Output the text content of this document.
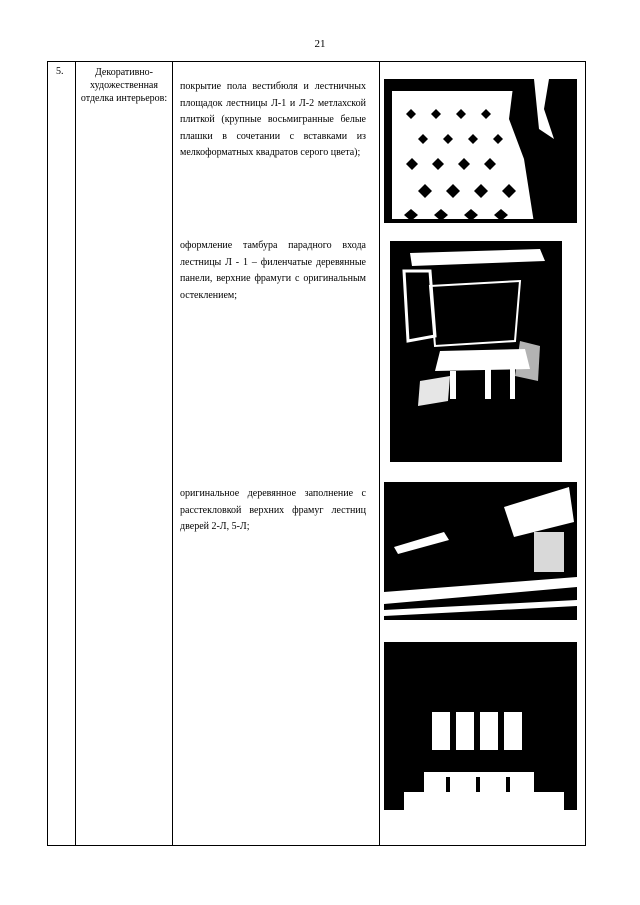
21
5.	Декоративно-художественная отделка интерьеров:
покрытие пола вестибюля и лестничных площадок лестницы Л-1 и Л-2 метлахской плиткой (крупные восьмигранные белые плашки в сочетании с вставками из мелкоформатных квадратов серого цвета);
оформление тамбура парадного входа лестницы Л - 1 – филенчатые деревянные панели, верхние фрамуги с оригинальным остеклением;
оригинальное деревянное заполнение с расстекловкой верхних фрамуг лестниц дверей 2-Л, 5-Л;
